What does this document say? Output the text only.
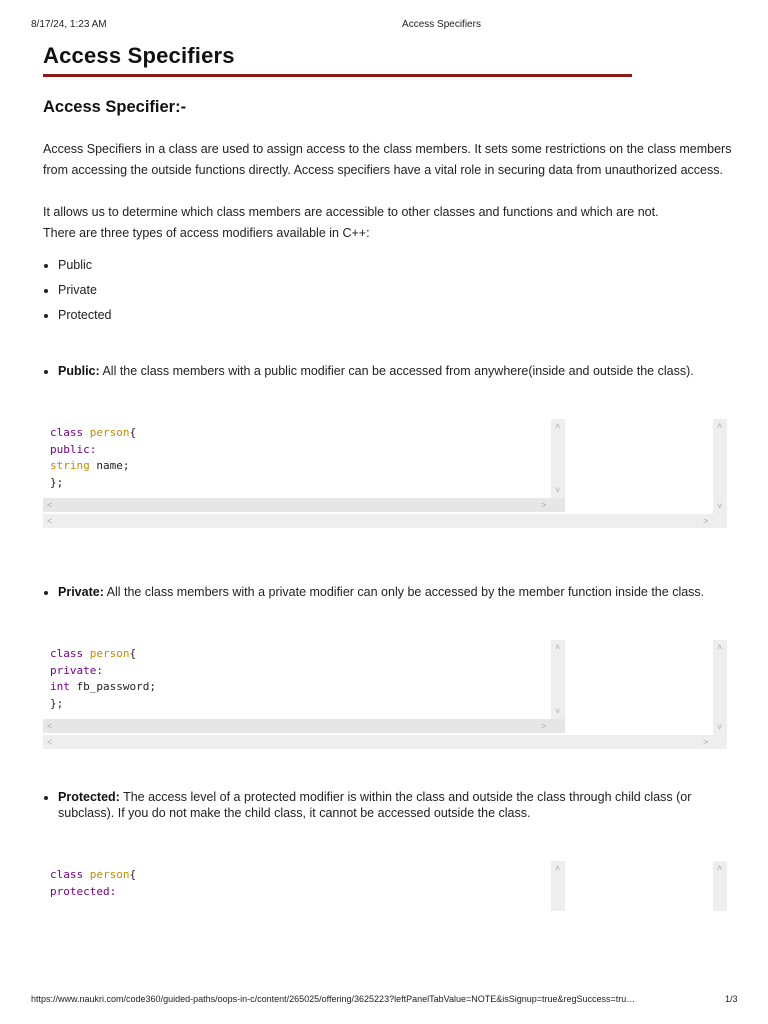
8/17/24, 1:23 AM	Access Specifiers
Access Specifiers
Access Specifier:-

Access Specifiers in a class are used to assign access to the class members. It sets some restrictions on the class members from accessing the outside functions directly. Access specifiers have a vital role in securing data from unauthorized access.

It allows us to determine which class members are accessible to other classes and functions and which are not.

There are three types of access modifiers available in C++:

• Public
• Private
• Protected
• Public: All the class members with a public modifier can be accessed from anywhere(inside and outside the class).
class person{
public:
string name;
};
˄
˅
˄
˅
˂	˃
˂	˃
• Private: All the class members with a private modifier can only be accessed by the member function inside the class.
class person{
private:
int fb_password;
};
˄
˅
˄
˅
˂	˃
˂	˃
• Protected: The access level of a protected modifier is within the class and outside the class through child class (or subclass). If you do not make the child class, it cannot be accessed outside the class.
class person{
protected:
˄	˄
https://www.naukri.com/code360/guided-paths/oops-in-c/content/265025/offering/3625223?leftPanelTabValue=NOTE&isSignup=true&regSuccess=tru…	1/3
